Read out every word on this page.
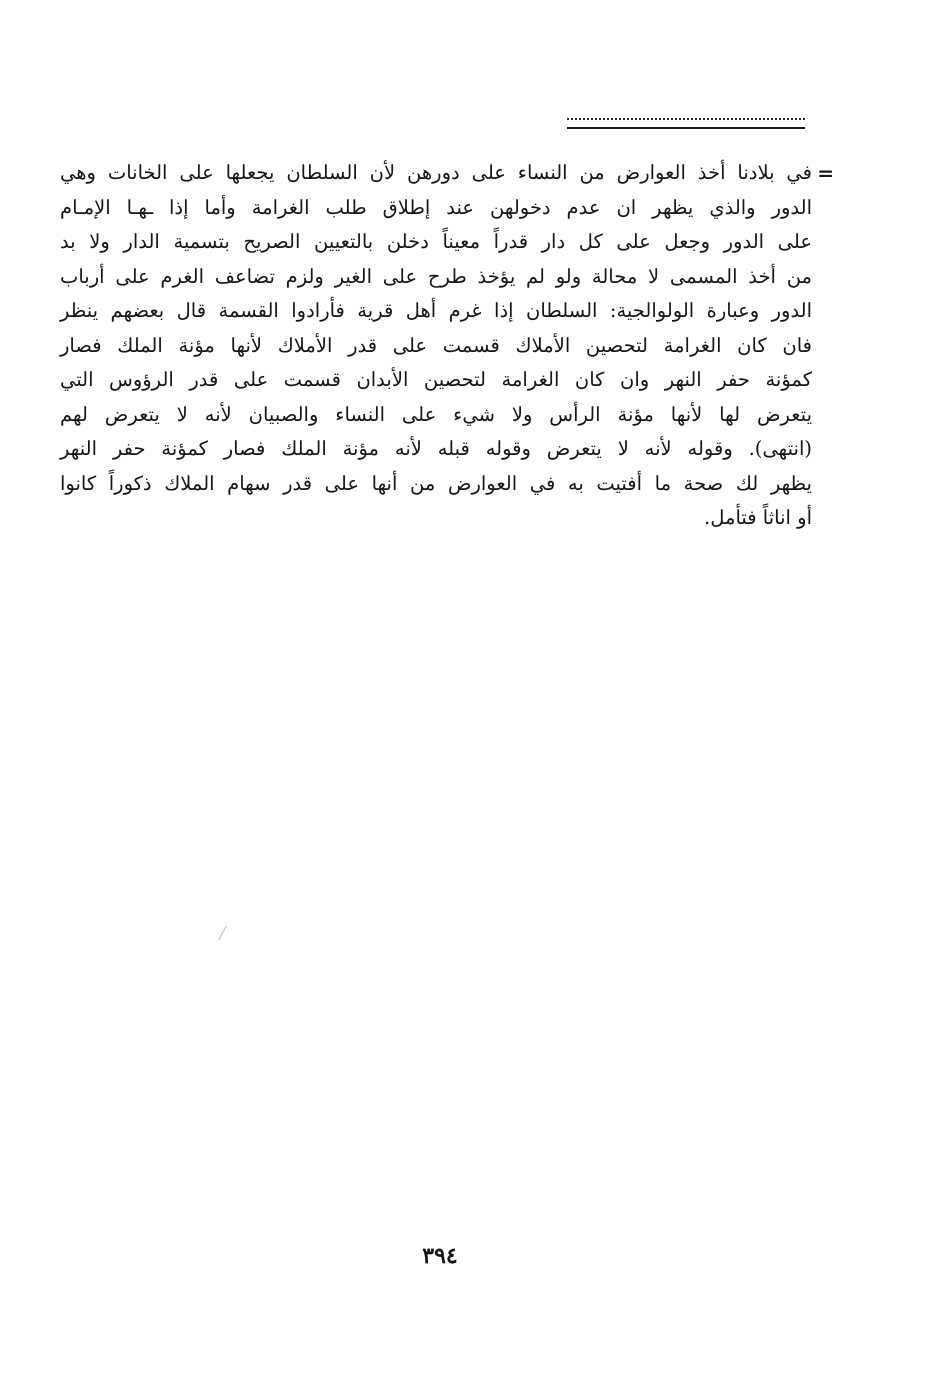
=
في بلادنا أخذ العوارض من النساء على دورهن لأن السلطان يجعلها على الخانات وهي
الدور والذي يظهر ان عدم دخولهن عند إطلاق طلب الغرامة وأما إذا ـهـا الإمـام
على الدور وجعل على كل دار قدراً معيناً دخلن بالتعيين الصريح بتسمية الدار ولا بد
من أخذ المسمى لا محالة ولو لم يؤخذ طرح على الغير ولزم تضاعف الغرم على أرباب
الدور وعبارة الولوالجية: السلطان إذا غرم أهل قرية فأرادوا القسمة قال بعضهم ينظر
فان كان الغرامة لتحصين الأملاك قسمت على قدر الأملاك لأنها مؤنة الملك فصار
كمؤنة حفر النهر وان كان الغرامة لتحصين الأبدان قسمت على قدر الرؤوس التي
يتعرض لها لأنها مؤنة الرأس ولا شيء على النساء والصبيان لأنه لا يتعرض لهم
(انتهى). وقوله لأنه لا يتعرض وقوله قبله لأنه مؤنة الملك فصار كمؤنة حفر النهر
يظهر لك صحة ما أفتيت به في العوارض من أنها على قدر سهام الملاك ذكوراً كانوا
أو اناثاً فتأمل.
٣٩٤
